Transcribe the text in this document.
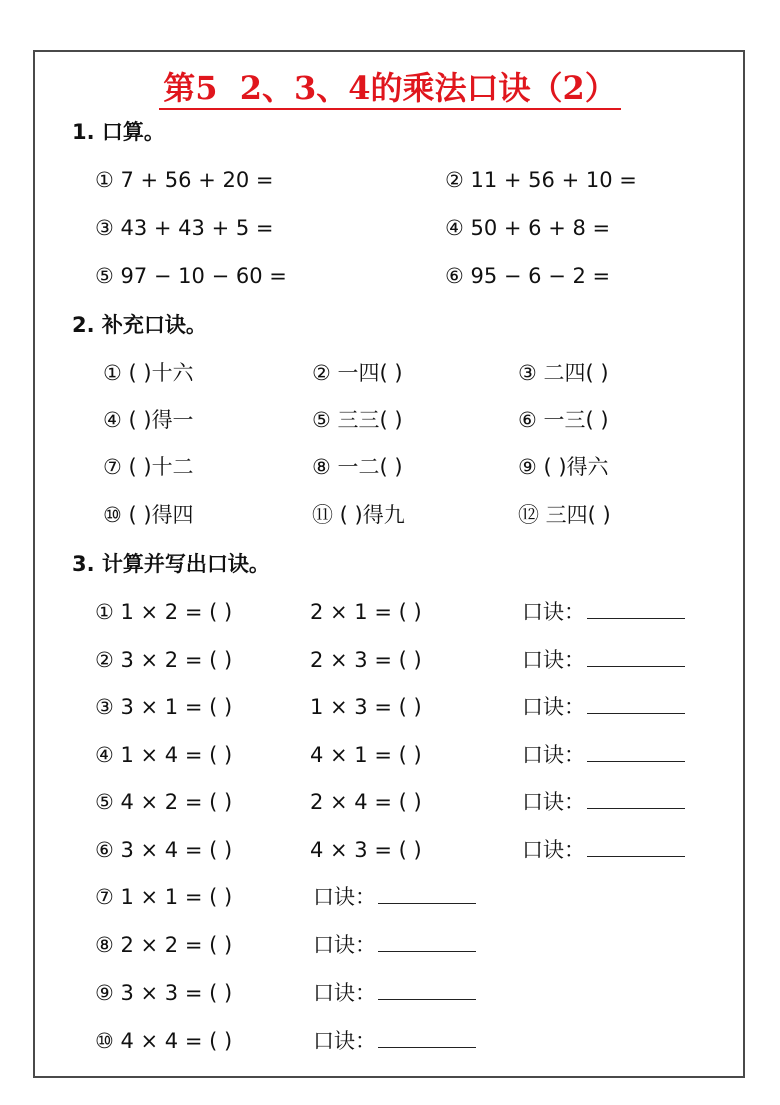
第5  2、3、4的乘法口诀（2）
1. 口算。
① 7 + 56 + 20 =	② 11 + 56 + 10 =
③ 43 + 43 + 5 =	④ 50 + 6 + 8 =
⑤ 97 − 10 − 60 =	⑥ 95 − 6 − 2 =
2. 补充口诀。
① ( )十六	② 一四( )	③ 二四( )
④ ( )得一	⑤ 三三( )	⑥ 一三( )
⑦ ( )十二	⑧ 一二( )	⑨ ( )得六
⑩ ( )得四	⑪ ( )得九	⑫ 三四( )
3. 计算并写出口诀。
① 1 × 2 = ( )	2 × 1 = ( )	口诀：
② 3 × 2 = ( )	2 × 3 = ( )	口诀：
③ 3 × 1 = ( )	1 × 3 = ( )	口诀：
④ 1 × 4 = ( )	4 × 1 = ( )	口诀：
⑤ 4 × 2 = ( )	2 × 4 = ( )	口诀：
⑥ 3 × 4 = ( )	4 × 3 = ( )	口诀：
⑦ 1 × 1 = ( )	口诀：
⑧ 2 × 2 = ( )	口诀：
⑨ 3 × 3 = ( )	口诀：
⑩ 4 × 4 = ( )	口诀：
